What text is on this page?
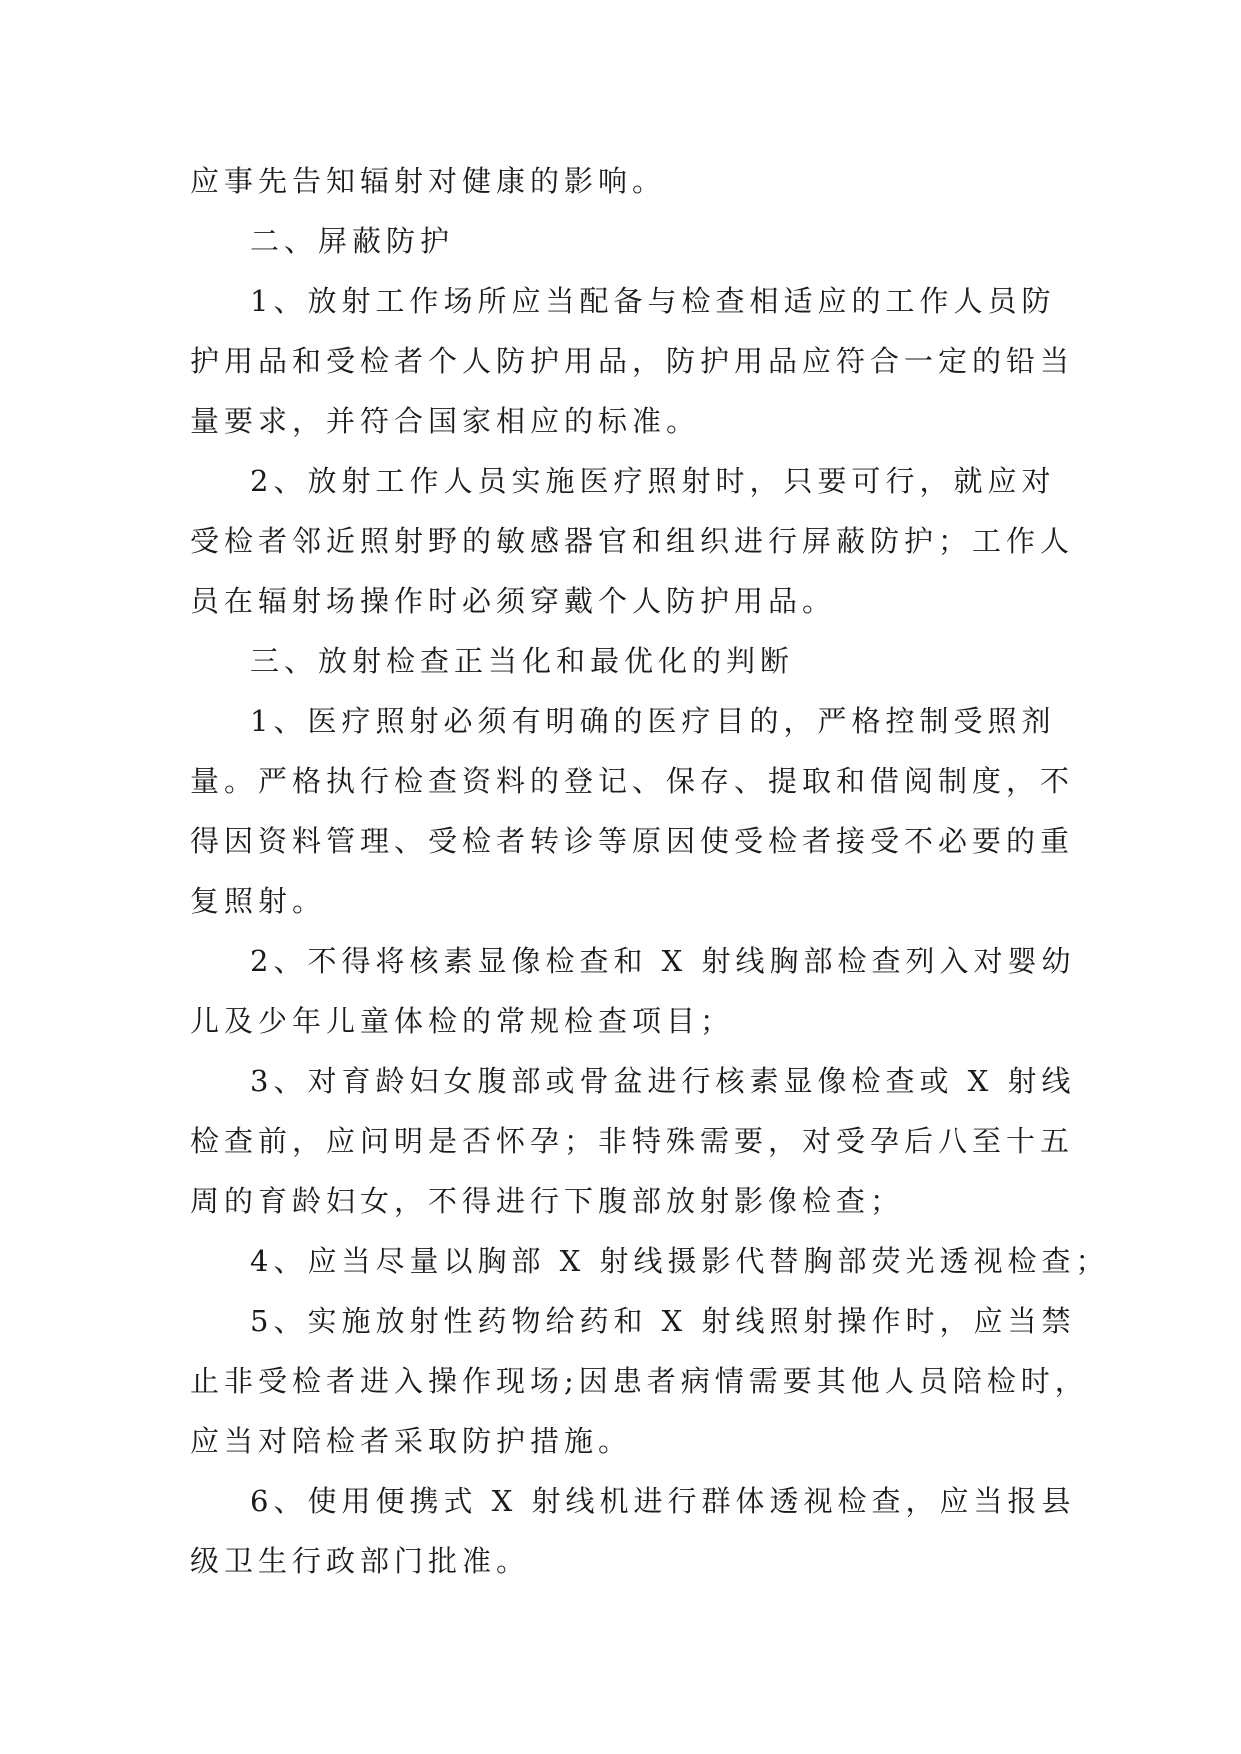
应事先告知辐射对健康的影响。
二、屏蔽防护
1、放射工作场所应当配备与检查相适应的工作人员防
护用品和受检者个人防护用品，防护用品应符合一定的铅当
量要求，并符合国家相应的标准。
2、放射工作人员实施医疗照射时，只要可行，就应对
受检者邻近照射野的敏感器官和组织进行屏蔽防护；工作人
员在辐射场操作时必须穿戴个人防护用品。
三、放射检查正当化和最优化的判断
1、医疗照射必须有明确的医疗目的，严格控制受照剂
量。严格执行检查资料的登记、保存、提取和借阅制度，不
得因资料管理、受检者转诊等原因使受检者接受不必要的重
复照射。
2、不得将核素显像检查和 X 射线胸部检查列入对婴幼
儿及少年儿童体检的常规检查项目；
3、对育龄妇女腹部或骨盆进行核素显像检查或 X 射线
检查前，应问明是否怀孕；非特殊需要，对受孕后八至十五
周的育龄妇女，不得进行下腹部放射影像检查；
4、应当尽量以胸部 X 射线摄影代替胸部荧光透视检查；
5、实施放射性药物给药和 X 射线照射操作时，应当禁
止非受检者进入操作现场;因患者病情需要其他人员陪检时，
应当对陪检者采取防护措施。
6、使用便携式 X 射线机进行群体透视检查，应当报县
级卫生行政部门批准。
